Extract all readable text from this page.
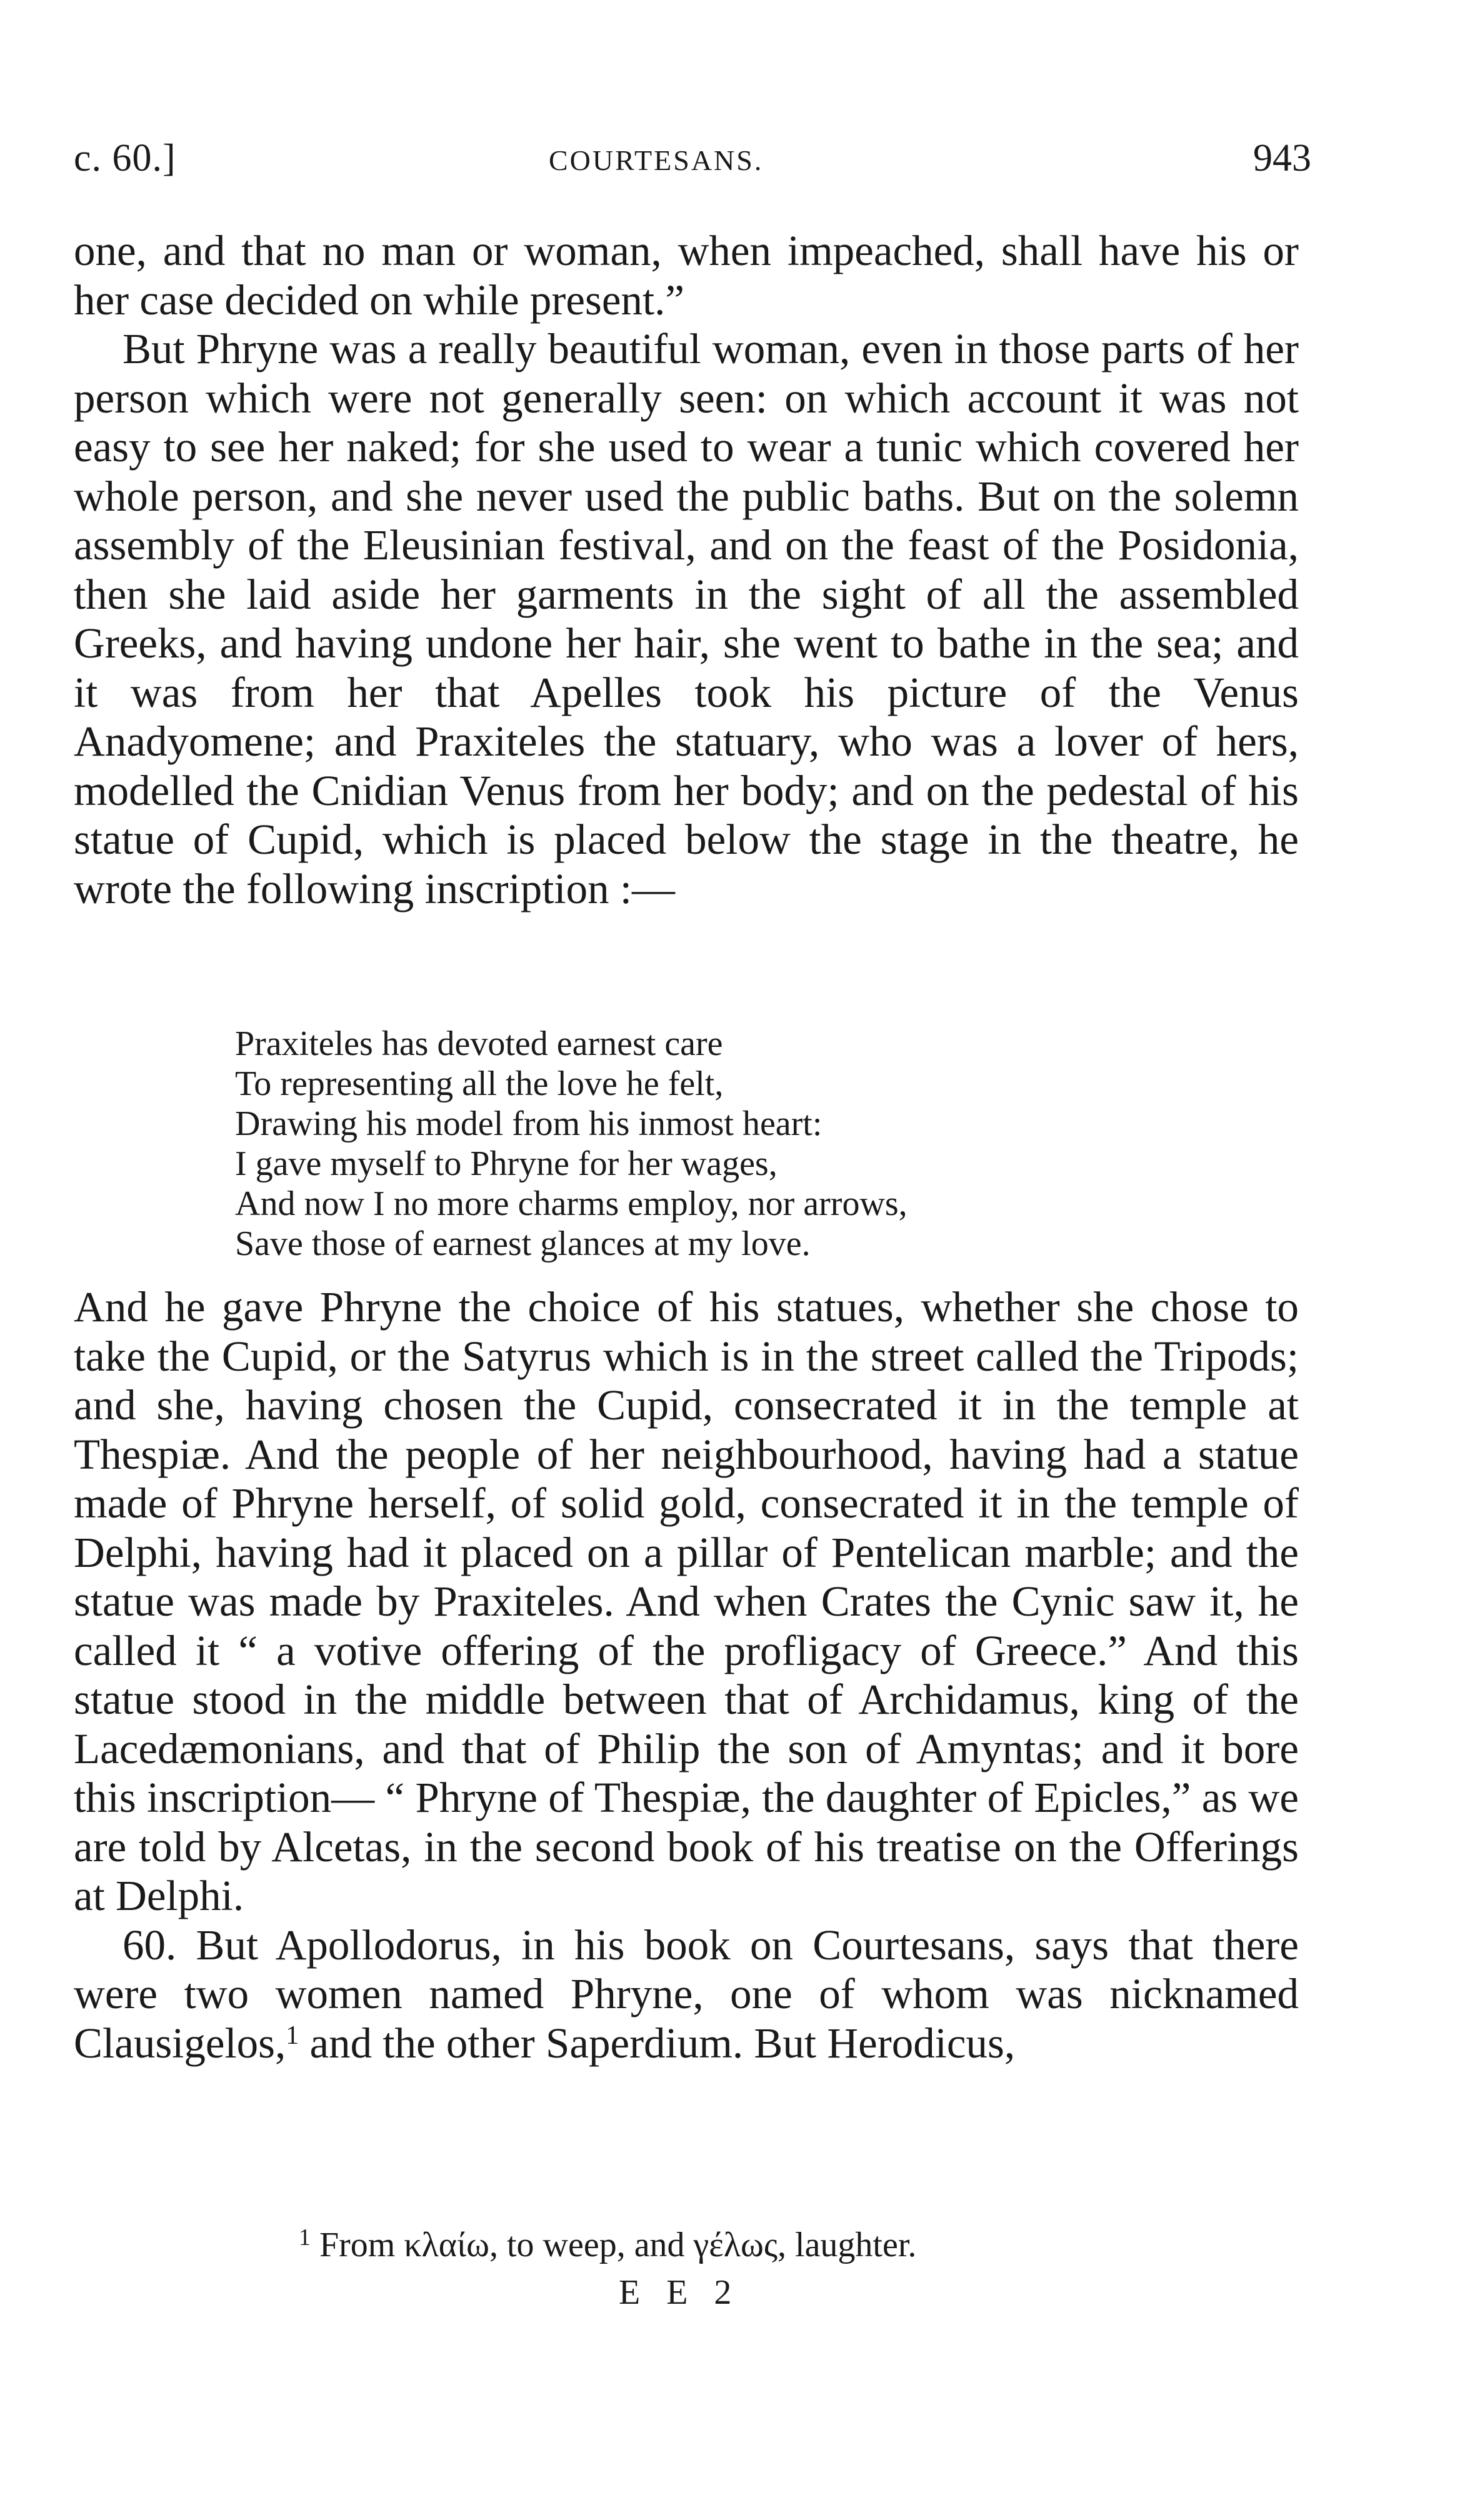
c. 60.]	COURTESANS.	943

one, and that no man or woman, when impeached, shall have his or her case decided on while present.”

But Phryne was a really beautiful woman, even in those parts of her person which were not generally seen: on which account it was not easy to see her naked; for she used to wear a tunic which covered her whole person, and she never used the public baths. But on the solemn assembly of the Eleusinian festival, and on the feast of the Posidonia, then she laid aside her garments in the sight of all the assembled Greeks, and having undone her hair, she went to bathe in the sea; and it was from her that Apelles took his picture of the Venus Anadyomene; and Praxiteles the statuary, who was a lover of hers, modelled the Cnidian Venus from her body; and on the pedestal of his statue of Cupid, which is placed below the stage in the theatre, he wrote the following inscription :—

Praxiteles has devoted earnest care
To representing all the love he felt,
Drawing his model from his inmost heart:
I gave myself to Phryne for her wages,
And now I no more charms employ, nor arrows,
Save those of earnest glances at my love.

And he gave Phryne the choice of his statues, whether she chose to take the Cupid, or the Satyrus which is in the street called the Tripods; and she, having chosen the Cupid, consecrated it in the temple at Thespiæ. And the people of her neighbourhood, having had a statue made of Phryne herself, of solid gold, consecrated it in the temple of Delphi, having had it placed on a pillar of Pentelican marble; and the statue was made by Praxiteles. And when Crates the Cynic saw it, he called it “ a votive offering of the profligacy of Greece.” And this statue stood in the middle between that of Archidamus, king of the Lacedæmonians, and that of Philip the son of Amyntas; and it bore this inscription— “ Phryne of Thespiæ, the daughter of Epicles,” as we are told by Alcetas, in the second book of his treatise on the Offerings at Delphi.

60. But Apollodorus, in his book on Courtesans, says that there were two women named Phryne, one of whom was nicknamed Clausigelos,$^1$ and the other Saperdium. But Herodicus,

$^1$ From κλαίω, to weep, and γέλως, laughter.
E E 2
